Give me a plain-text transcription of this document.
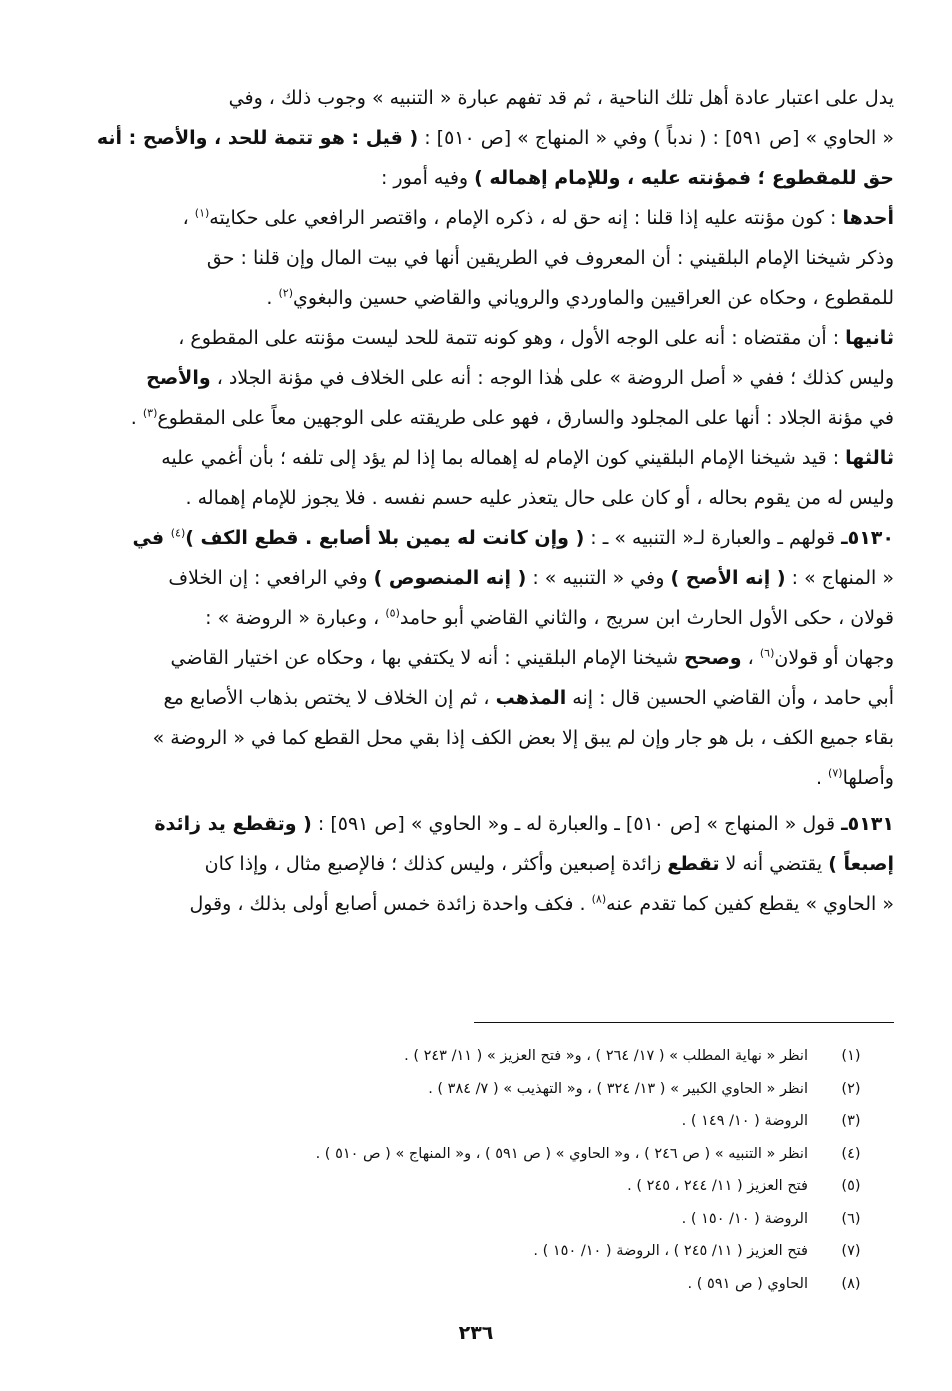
يدل على اعتبار عادة أهل تلك الناحية ، ثم قد تفهم عبارة « التنبيه » وجوب ذلك ، وفي
« الحاوي » [ص ٥٩١] : ( ندباً ) وفي « المنهاج » [ص ٥١٠] : ( قيل : هو تتمة للحد ، والأصح : أنه
حق للمقطوع ؛ فمؤنته عليه ، وللإمام إهماله ) وفيه أمور :

أحدها : كون مؤنته عليه إذا قلنا : إنه حق له ، ذكره الإمام ، واقتصر الرافعي على حكايته$^{(١)}$ ،
وذكر شيخنا الإمام البلقيني : أن المعروف في الطريقين أنها في بيت المال وإن قلنا : حق
للمقطوع ، وحكاه عن العراقيين والماوردي والروياني والقاضي حسين والبغوي$^{(٢)}$ .

ثانيها : أن مقتضاه : أنه على الوجه الأول ، وهو كونه تتمة للحد ليست مؤنته على المقطوع ،
وليس كذلك ؛ ففي « أصل الروضة » على هٰذا الوجه : أنه على الخلاف في مؤنة الجلاد ، والأصح
في مؤنة الجلاد : أنها على المجلود والسارق ، فهو على طريقته على الوجهين معاً على المقطوع$^{(٣)}$ .

ثالثها : قيد شيخنا الإمام البلقيني كون الإمام له إهماله بما إذا لم يؤد إلى تلفه ؛ بأن أغمي عليه
وليس له من يقوم بحاله ، أو كان على حال يتعذر عليه حسم نفسه . فلا يجوز للإمام إهماله .

٥١٣٠ـ قولهم ـ والعبارة لـ« التنبيه » ـ : ( وإن كانت له يمين بلا أصابع . قطع الكف )$^{(٤)}$ في
« المنهاج » : ( إنه الأصح ) وفي « التنبيه » : ( إنه المنصوص ) وفي الرافعي : إن الخلاف
قولان ، حكى الأول الحارث ابن سريج ، والثاني القاضي أبو حامد$^{(٥)}$ ، وعبارة « الروضة » :
وجهان أو قولان$^{(٦)}$ ، وصحح شيخنا الإمام البلقيني : أنه لا يكتفي بها ، وحكاه عن اختيار القاضي
أبي حامد ، وأن القاضي الحسين قال : إنه المذهب ، ثم إن الخلاف لا يختص بذهاب الأصابع مع
بقاء جميع الكف ، بل هو جار وإن لم يبق إلا بعض الكف إذا بقي محل القطع كما في « الروضة »
وأصلها$^{(٧)}$ .

٥١٣١ـ قول « المنهاج » [ص ٥١٠] ـ والعبارة له ـ و« الحاوي » [ص ٥٩١] : ( وتقطع يد زائدة
إصبعاً ) يقتضي أنه لا تقطع زائدة إصبعين وأكثر ، وليس كذلك ؛ فالإصبع مثال ، وإذا كان
« الحاوي » يقطع كفين كما تقدم عنه$^{(٨)}$ . فكف واحدة زائدة خمس أصابع أولى بذلك ، وقول

(١)
انظر « نهاية المطلب » ( ١٧/ ٢٦٤ ) ، و« فتح العزيز » ( ١١/ ٢٤٣ ) .
(٢)
انظر « الحاوي الكبير » ( ١٣/ ٣٢٤ ) ، و« التهذيب » ( ٧/ ٣٨٤ ) .
(٣)
الروضة ( ١٠/ ١٤٩ ) .
(٤)
انظر « التنبيه » ( ص ٢٤٦ ) ، و« الحاوي » ( ص ٥٩١ ) ، و« المنهاج » ( ص ٥١٠ ) .
(٥)
فتح العزيز ( ١١/ ٢٤٤ ، ٢٤٥ ) .
(٦)
الروضة ( ١٠/ ١٥٠ ) .
(٧)
فتح العزيز ( ١١/ ٢٤٥ ) ، الروضة ( ١٠/ ١٥٠ ) .
(٨)
الحاوي ( ص ٥٩١ ) .
٢٣٦
